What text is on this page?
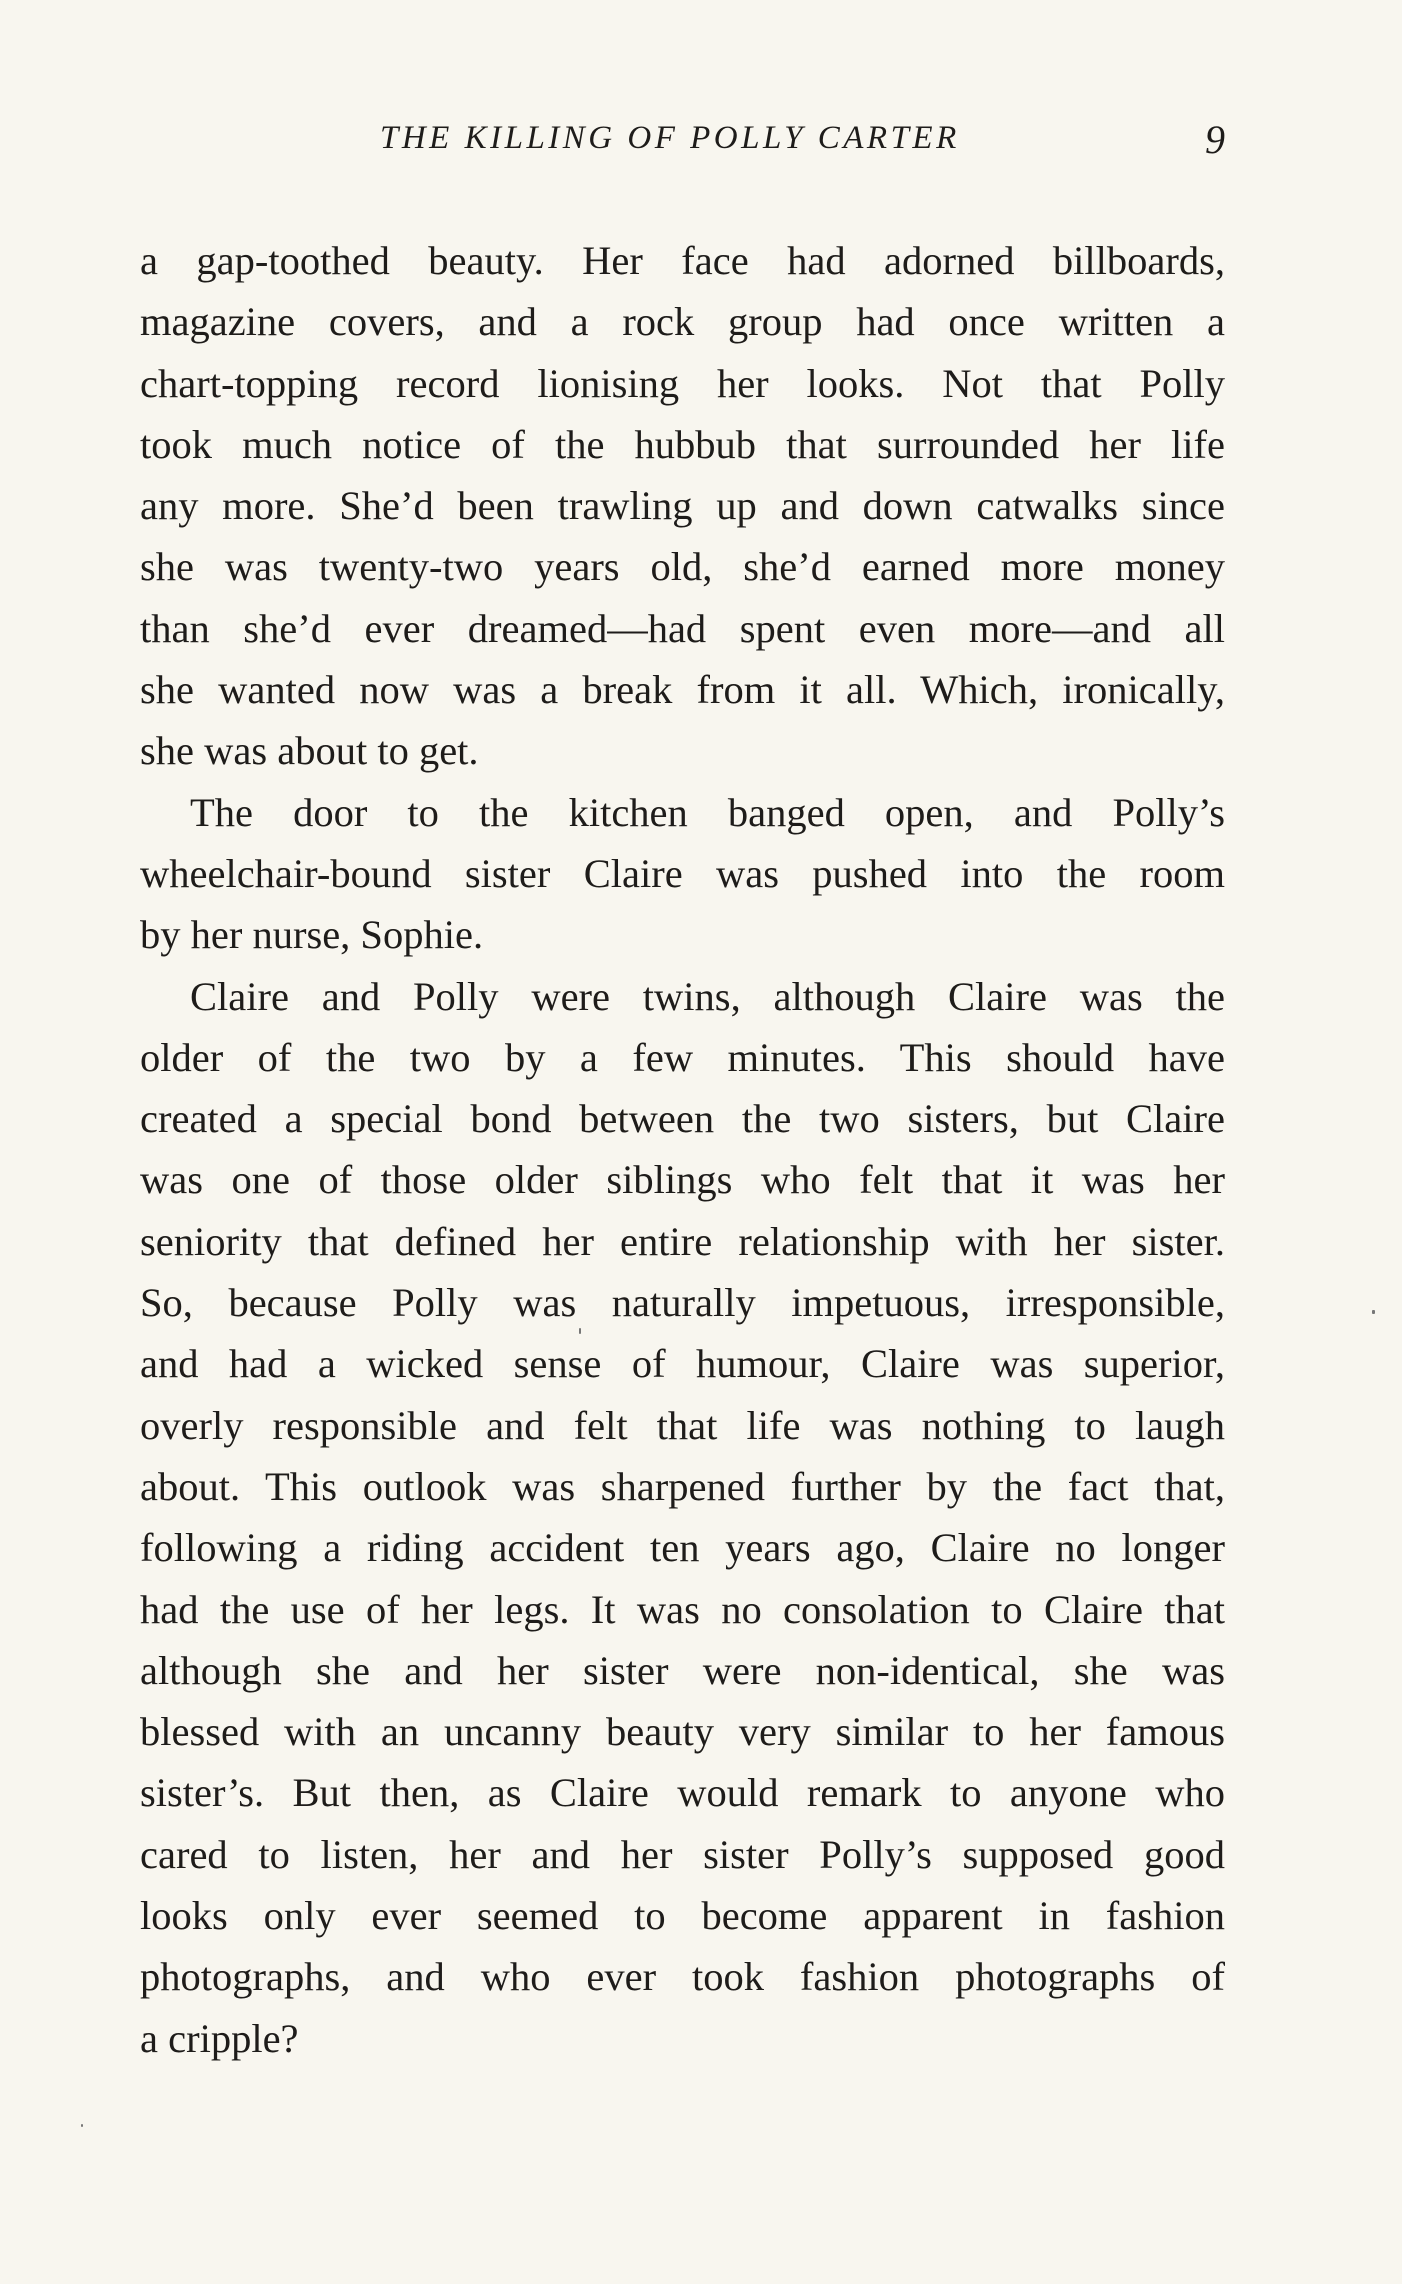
THE KILLING OF POLLY CARTER	9
a gap-toothed beauty. Her face had adorned billboards,
magazine covers, and a rock group had once written a
chart-topping record lionising her looks. Not that Polly
took much notice of the hubbub that surrounded her life
any more. She’d been trawling up and down catwalks since
she was twenty-two years old, she’d earned more money
than she’d ever dreamed—had spent even more—and all
she wanted now was a break from it all. Which, ironically,
she was about to get.
The door to the kitchen banged open, and Polly’s
wheelchair-bound sister Claire was pushed into the room
by her nurse, Sophie.
Claire and Polly were twins, although Claire was the
older of the two by a few minutes. This should have
created a special bond between the two sisters, but Claire
was one of those older siblings who felt that it was her
seniority that defined her entire relationship with her sister.
So, because Polly was naturally impetuous, irresponsible,
and had a wicked sense of humour, Claire was superior,
overly responsible and felt that life was nothing to laugh
about. This outlook was sharpened further by the fact that,
following a riding accident ten years ago, Claire no longer
had the use of her legs. It was no consolation to Claire that
although she and her sister were non-identical, she was
blessed with an uncanny beauty very similar to her famous
sister’s. But then, as Claire would remark to anyone who
cared to listen, her and her sister Polly’s supposed good
looks only ever seemed to become apparent in fashion
photographs, and who ever took fashion photographs of
a cripple?
